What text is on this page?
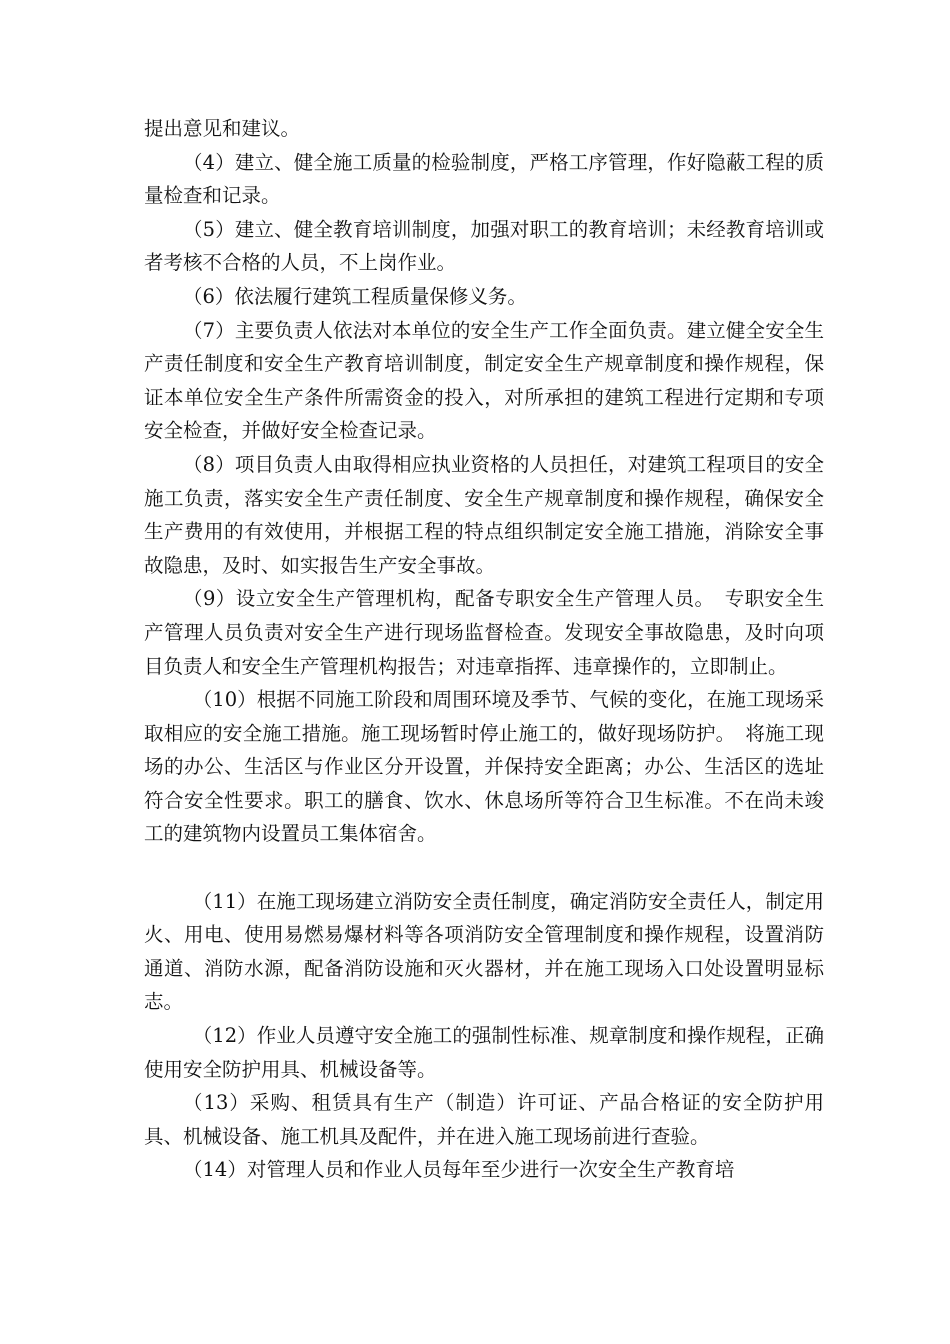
提出意见和建议。

（4）建立、健全施工质量的检验制度，严格工序管理，作好隐蔽工程的质量检查和记录。

（5）建立、健全教育培训制度，加强对职工的教育培训；未经教育培训或者考核不合格的人员，不上岗作业。

（6）依法履行建筑工程质量保修义务。

（7）主要负责人依法对本单位的安全生产工作全面负责。建立健全安全生产责任制度和安全生产教育培训制度，制定安全生产规章制度和操作规程，保证本单位安全生产条件所需资金的投入，对所承担的建筑工程进行定期和专项安全检查，并做好安全检查记录。

（8）项目负责人由取得相应执业资格的人员担任，对建筑工程项目的安全施工负责，落实安全生产责任制度、安全生产规章制度和操作规程，确保安全生产费用的有效使用，并根据工程的特点组织制定安全施工措施，消除安全事故隐患，及时、如实报告生产安全事故。

（9）设立安全生产管理机构，配备专职安全生产管理人员。　专职安全生产管理人员负责对安全生产进行现场监督检查。发现安全事故隐患，及时向项目负责人和安全生产管理机构报告；对违章指挥、违章操作的，立即制止。

（10）根据不同施工阶段和周围环境及季节、气候的变化，在施工现场采取相应的安全施工措施。施工现场暂时停止施工的，做好现场防护。　将施工现场的办公、生活区与作业区分开设置，并保持安全距离；办公、生活区的选址符合安全性要求。职工的膳食、饮水、休息场所等符合卫生标准。不在尚未竣工的建筑物内设置员工集体宿舍。

（11）在施工现场建立消防安全责任制度，确定消防安全责任人，制定用火、用电、使用易燃易爆材料等各项消防安全管理制度和操作规程，设置消防通道、消防水源，配备消防设施和灭火器材，并在施工现场入口处设置明显标志。

（12）作业人员遵守安全施工的强制性标准、规章制度和操作规程，正确使用安全防护用具、机械设备等。

（13）采购、租赁具有生产（制造）许可证、产品合格证的安全防护用具、机械设备、施工机具及配件，并在进入施工现场前进行查验。

（14）对管理人员和作业人员每年至少进行一次安全生产教育培
